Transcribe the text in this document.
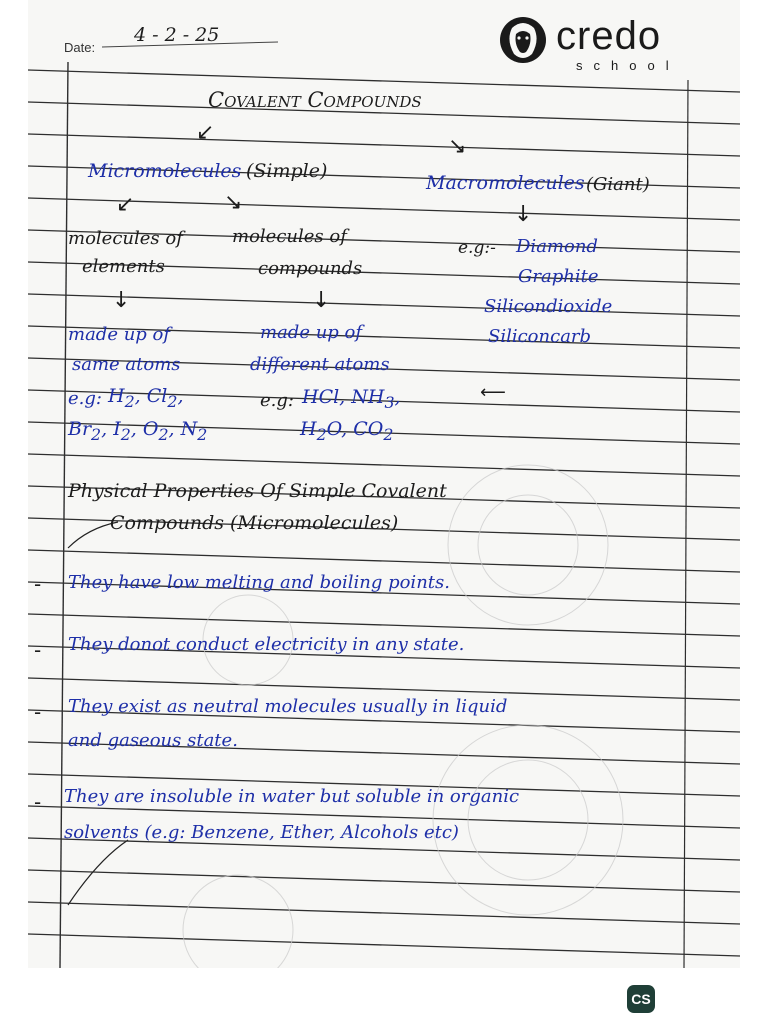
Date:
4 - 2 - 25	credo
school
Covalent Compounds
↙
↘
Micromolecules (Simple)
Macromolecules (Giant)
↙	↘	↓
molecules of
elements
molecules of
compounds
e.g:- Diamond
Graphite
Silicondioxide
Siliconcarb
↓	↓
made up of
same atoms
made up of
different atoms
e.g: $H_2$, $Cl_2$,
$Br_2$, $I_2$, $O_2$, $N_2$
e.g: HCl, $NH_3$,
$H_2O$, $CO_2$
⟵
Physical Properties Of Simple Covalent
Compounds (Micromolecules)
- They have low melting and boiling points.
- They donot conduct electricity in any state.
- They exist as neutral molecules usually in liquid
and gaseous state.
- They are insoluble in water but soluble in organic
solvents (e.g: Benzene, Ether, Alcohols etc)
CS
